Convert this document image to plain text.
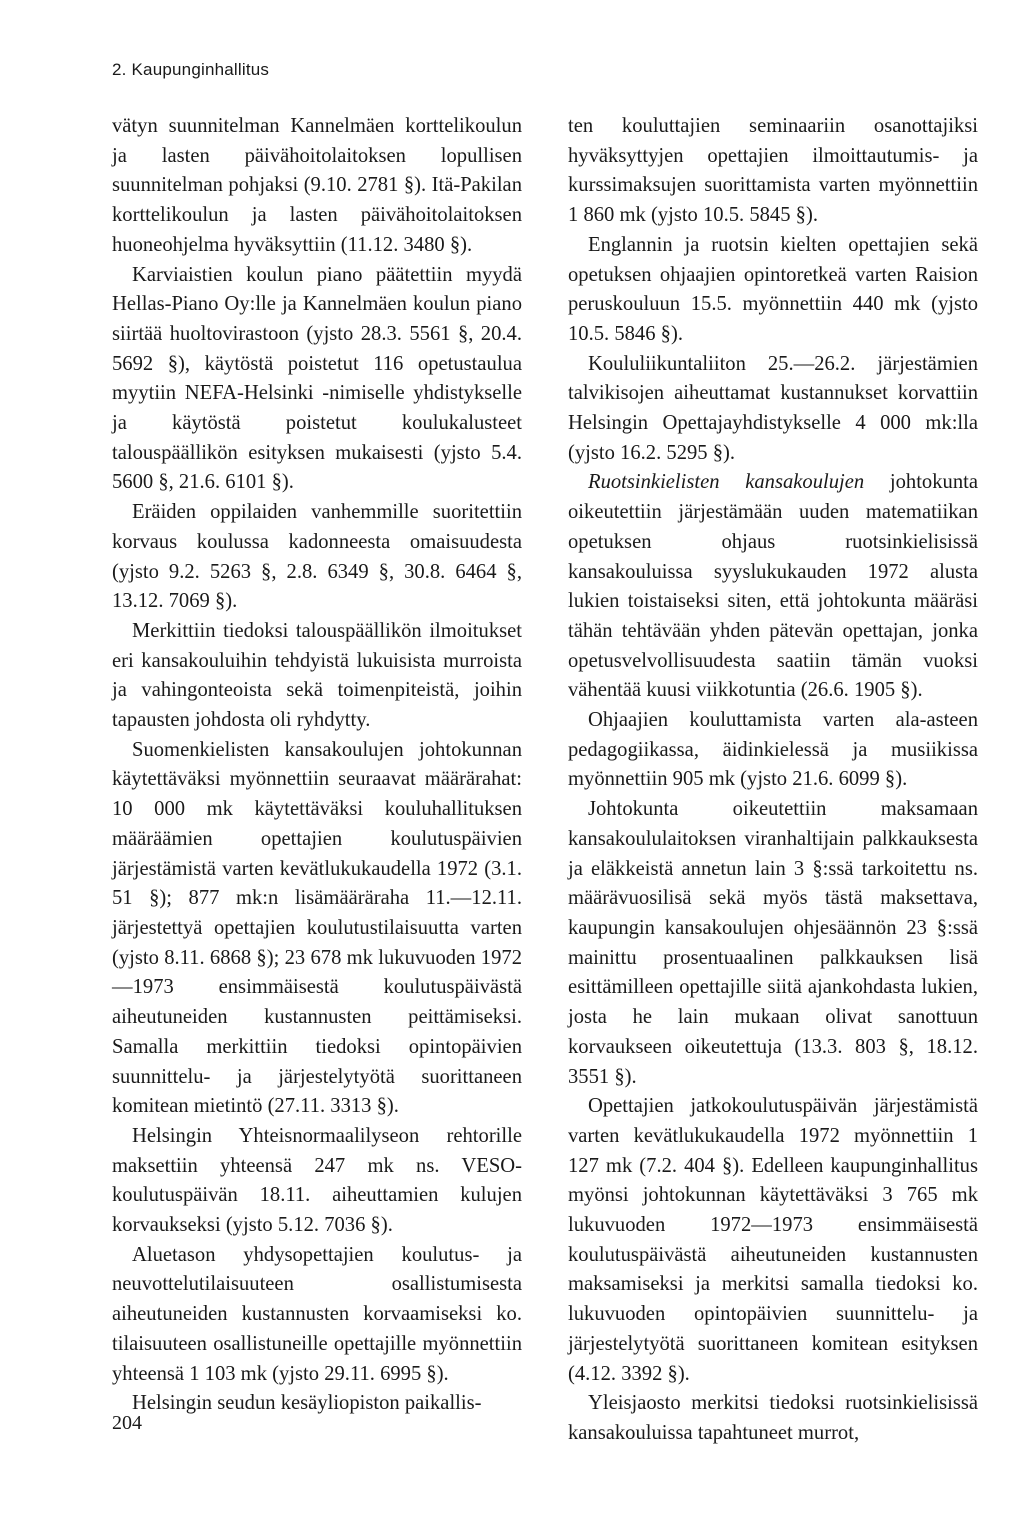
2. Kaupunginhallitus

vätyn suunnitelman Kannelmäen korttelikoulun ja lasten päivähoitolaitoksen lopullisen suunnitelman pohjaksi (9.10. 2781 §). Itä-Pakilan korttelikoulun ja lasten päivähoitolaitoksen huoneohjelma hyväksyttiin (11.12. 3480 §).

Karviaistien koulun piano päätettiin myydä Hellas-Piano Oy:lle ja Kannelmäen koulun piano siirtää huoltovirastoon (yjsto 28.3. 5561 §, 20.4. 5692 §), käytöstä poistetut 116 opetustaulua myytiin NEFA-Helsinki -nimiselle yhdistykselle ja käytöstä poistetut koulukalusteet talouspäällikön esityksen mukaisesti (yjsto 5.4. 5600 §, 21.6. 6101 §).

Eräiden oppilaiden vanhemmille suoritettiin korvaus koulussa kadonneesta omaisuudesta (yjsto 9.2. 5263 §, 2.8. 6349 §, 30.8. 6464 §, 13.12. 7069 §).

Merkittiin tiedoksi talouspäällikön ilmoitukset eri kansakouluihin tehdyistä lukuisista murroista ja vahingonteoista sekä toimenpiteistä, joihin tapausten johdosta oli ryhdytty.

Suomenkielisten kansakoulujen johtokunnan käytettäväksi myönnettiin seuraavat määrärahat: 10 000 mk käytettäväksi kouluhallituksen määräämien opettajien koulutuspäivien järjestämistä varten kevätlukukaudella 1972 (3.1. 51 §); 877 mk:n lisämääräraha 11.—12.11. järjestettyä opettajien koulutustilaisuutta varten (yjsto 8.11. 6868 §); 23 678 mk lukuvuoden 1972—1973 ensimmäisestä koulutuspäivästä aiheutuneiden kustannusten peittämiseksi. Samalla merkittiin tiedoksi opintopäivien suunnittelu- ja järjestelytyötä suorittaneen komitean mietintö (27.11. 3313 §).

Helsingin Yhteisnormaalilyseon rehtorille maksettiin yhteensä 247 mk ns. VESO-koulutuspäivän 18.11. aiheuttamien kulujen korvaukseksi (yjsto 5.12. 7036 §).

Aluetason yhdysopettajien koulutus- ja neuvottelutilaisuuteen osallistumisesta aiheutuneiden kustannusten korvaamiseksi ko. tilaisuuteen osallistuneille opettajille myönnettiin yhteensä 1 103 mk (yjsto 29.11. 6995 §).

Helsingin seudun kesäyliopiston paikallis-

ten kouluttajien seminaariin osanottajiksi hyväksyttyjen opettajien ilmoittautumis- ja kurssimaksujen suorittamista varten myönnettiin 1 860 mk (yjsto 10.5. 5845 §).

Englannin ja ruotsin kielten opettajien sekä opetuksen ohjaajien opintoretkeä varten Raision peruskouluun 15.5. myönnettiin 440 mk (yjsto 10.5. 5846 §).

Koululiikuntaliiton 25.—26.2. järjestämien talvikisojen aiheuttamat kustannukset korvattiin Helsingin Opettajayhdistykselle 4 000 mk:lla (yjsto 16.2. 5295 §).

Ruotsinkielisten kansakoulujen johtokunta oikeutettiin järjestämään uuden matematiikan opetuksen ohjaus ruotsinkielisissä kansakouluissa syyslukukauden 1972 alusta lukien toistaiseksi siten, että johtokunta määräsi tähän tehtävään yhden pätevän opettajan, jonka opetusvelvollisuudesta saatiin tämän vuoksi vähentää kuusi viikkotuntia (26.6. 1905 §).

Ohjaajien kouluttamista varten ala-asteen pedagogiikassa, äidinkielessä ja musiikissa myönnettiin 905 mk (yjsto 21.6. 6099 §).

Johtokunta oikeutettiin maksamaan kansakoululaitoksen viranhaltijain palkkauksesta ja eläkkeistä annetun lain 3 §:ssä tarkoitettu ns. määrävuosilisä sekä myös tästä maksettava, kaupungin kansakoulujen ohjesäännön 23 §:ssä mainittu prosentuaalinen palkkauksen lisä esittämilleen opettajille siitä ajankohdasta lukien, josta he lain mukaan olivat sanottuun korvaukseen oikeutettuja (13.3. 803 §, 18.12. 3551 §).

Opettajien jatkokoulutuspäivän järjestämistä varten kevätlukukaudella 1972 myönnettiin 1 127 mk (7.2. 404 §). Edelleen kaupunginhallitus myönsi johtokunnan käytettäväksi 3 765 mk lukuvuoden 1972—1973 ensimmäisestä koulutuspäivästä aiheutuneiden kustannusten maksamiseksi ja merkitsi samalla tiedoksi ko. lukuvuoden opintopäivien suunnittelu- ja järjestelytyötä suorittaneen komitean esityksen (4.12. 3392 §).

Yleisjaosto merkitsi tiedoksi ruotsinkielisissä kansakouluissa tapahtuneet murrot,

204
